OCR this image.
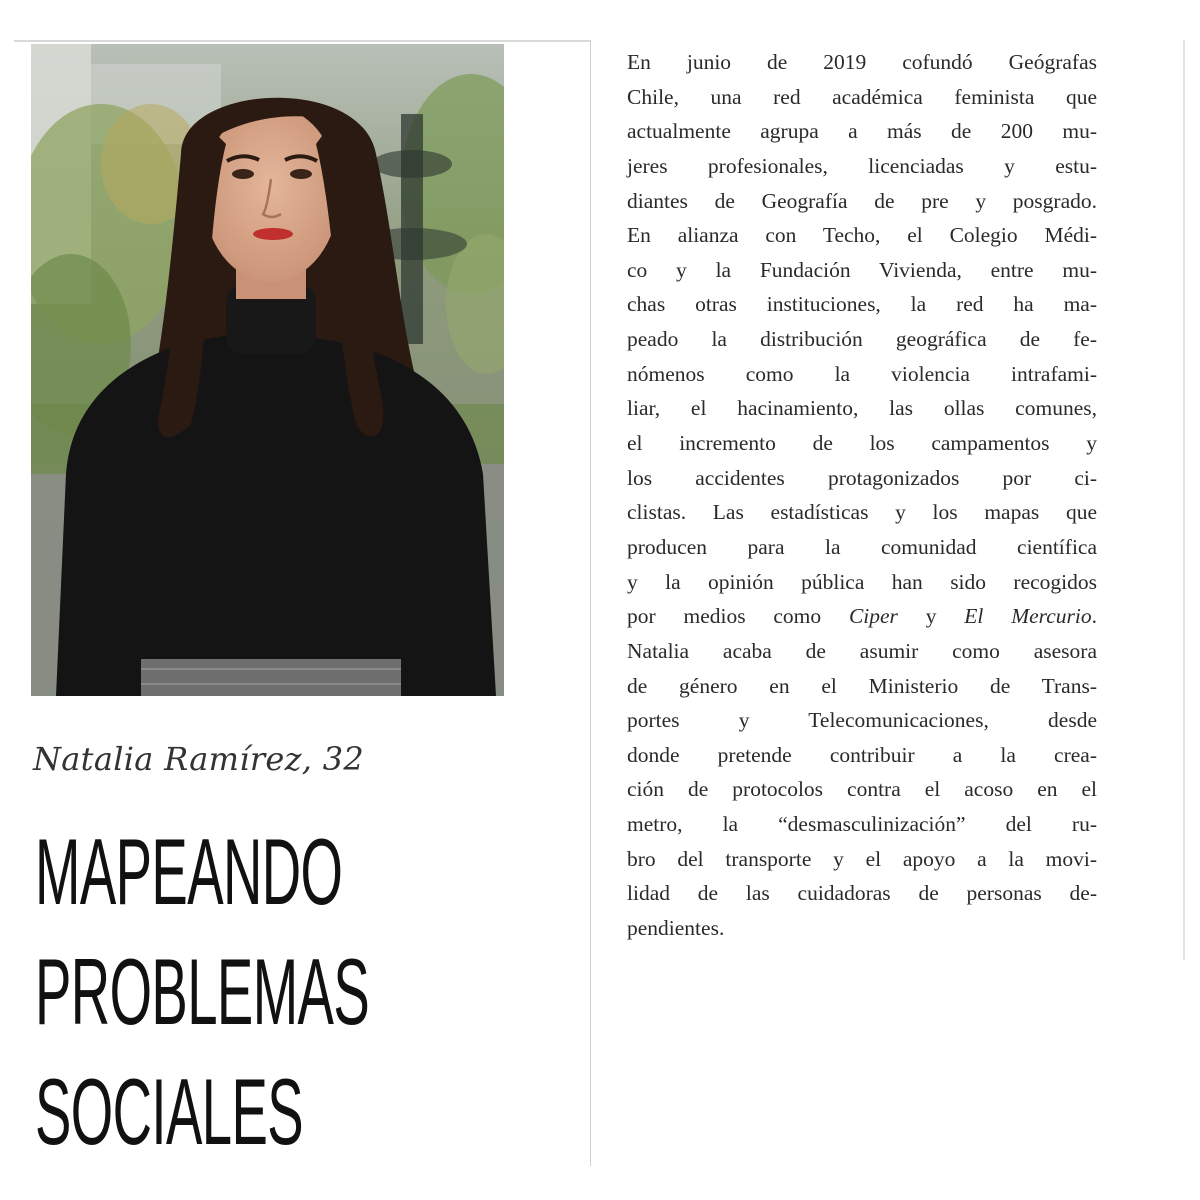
Natalia Ramírez, 32
MAPEANDO
PROBLEMAS
SOCIALES
En junio de 2019 cofundó Geógrafas
Chile, una red académica feminista que
actualmente agrupa a más de 200 mu-
jeres profesionales, licenciadas y estu-
diantes de Geografía de pre y posgrado.
En alianza con Techo, el Colegio Médi-
co y la Fundación Vivienda, entre mu-
chas otras instituciones, la red ha ma-
peado la distribución geográfica de fe-
nómenos como la violencia intrafami-
liar, el hacinamiento, las ollas comunes,
el incremento de los campamentos y
los accidentes protagonizados por ci-
clistas. Las estadísticas y los mapas que
producen para la comunidad científica
y la opinión pública han sido recogidos
por medios como Ciper y El Mercurio.
Natalia acaba de asumir como asesora
de género en el Ministerio de Trans-
portes y Telecomunicaciones, desde
donde pretende contribuir a la crea-
ción de protocolos contra el acoso en el
metro, la “desmasculinización” del ru-
bro del transporte y el apoyo a la movi-
lidad de las cuidadoras de personas de-
pendientes.
